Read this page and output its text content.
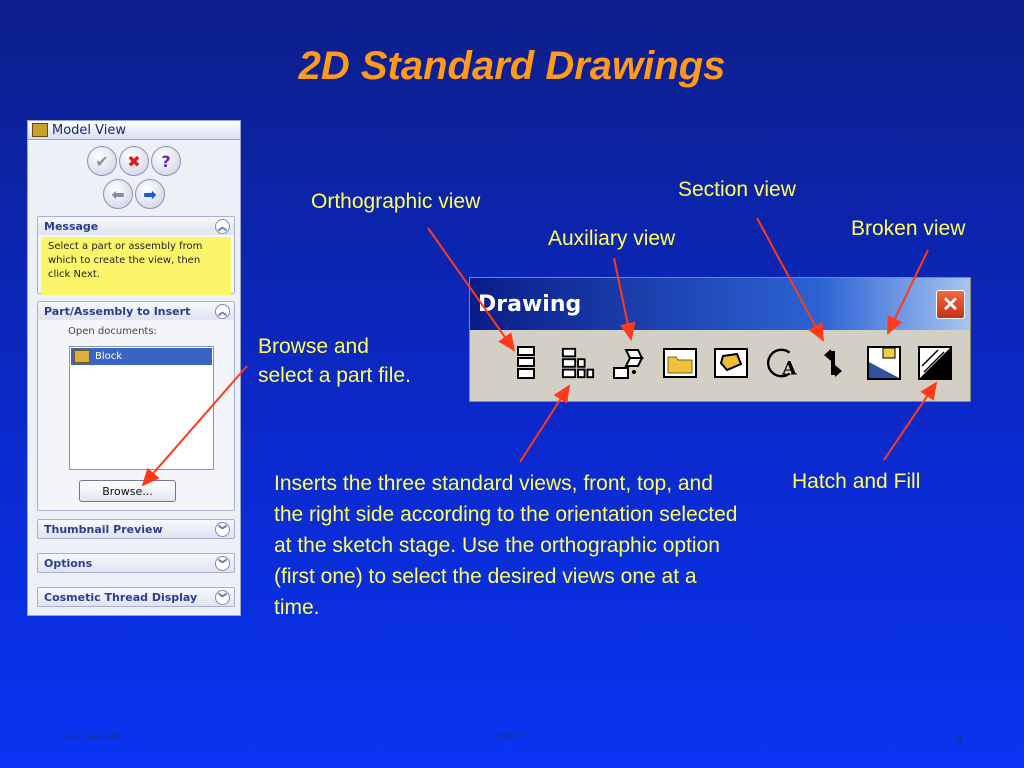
2D Standard Drawings
Model View
✔ ✖ ?
⬅ ➡
Message	︽
Select a part or assembly from which to create the view, then click Next.
Part/Assembly to Insert	︽
Open documents:
Block
Browse...
Thumbnail Preview	︾
Options	︾
Cosmetic Thread Display	︾
Drawing	✕
A
Orthographic view
Section view
Auxiliary view	Broken view
Browse and
select a part file.
Hatch and Fill
Inserts the three standard views, front, top, and the right side according to the orientation selected at the sketch stage. Use the orthographic option (first one) to select the desired views one at a time.
Ken Youssefi	PDM 1	9
